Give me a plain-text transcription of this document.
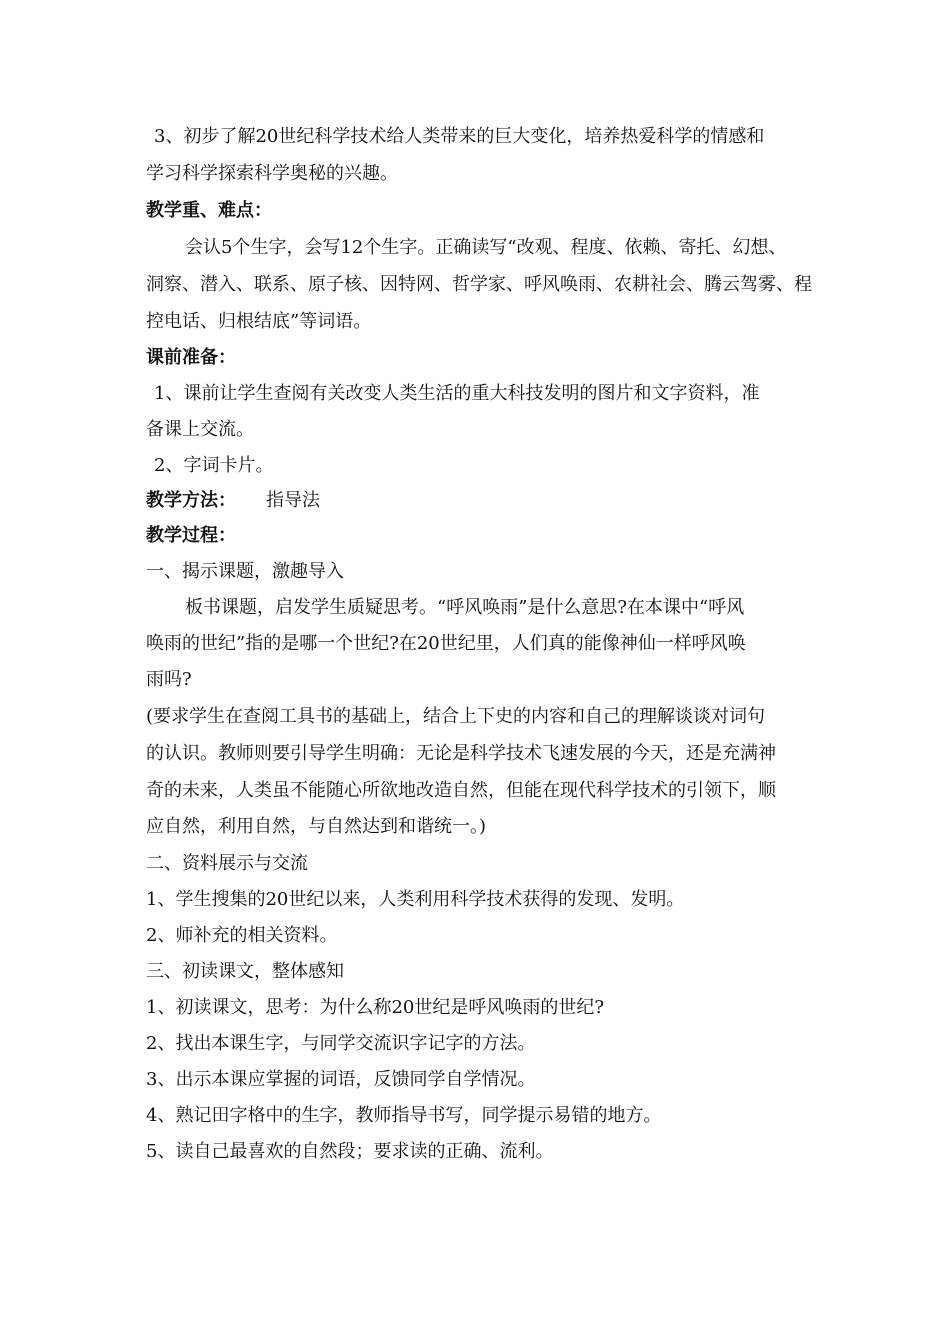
3、初步了解20世纪科学技术给人类带来的巨大变化，培养热爱科学的情感和
学习科学探索科学奥秘的兴趣。
教学重、难点：
会认5个生字，会写12个生字。正确读写“改观、程度、依赖、寄托、幻想、
洞察、潜入、联系、原子核、因特网、哲学家、呼风唤雨、农耕社会、腾云驾雾、程
控电话、归根结底”等词语。
课前准备：
1、课前让学生查阅有关改变人类生活的重大科技发明的图片和文字资料，准
备课上交流。
2、字词卡片。
教学方法： 指导法
教学过程：
一、揭示课题，激趣导入
板书课题，启发学生质疑思考。“呼风唤雨”是什么意思?在本课中“呼风
唤雨的世纪”指的是哪一个世纪?在20世纪里，人们真的能像神仙一样呼风唤
雨吗?
(要求学生在查阅工具书的基础上，结合上下史的内容和自己的理解谈谈对词句
的认识。教师则要引导学生明确：无论是科学技术飞速发展的今天，还是充满神
奇的未来，人类虽不能随心所欲地改造自然，但能在现代科学技术的引领下，顺
应自然，利用自然，与自然达到和谐统一。)
二、资料展示与交流
1、学生搜集的20世纪以来，人类利用科学技术获得的发现、发明。
2、师补充的相关资料。
三、初读课文，整体感知
1、初读课文，思考：为什么称20世纪是呼风唤雨的世纪?
2、找出本课生字，与同学交流识字记字的方法。
3、出示本课应掌握的词语，反馈同学自学情况。
4、熟记田字格中的生字，教师指导书写，同学提示易错的地方。
5、读自己最喜欢的自然段；要求读的正确、流利。
